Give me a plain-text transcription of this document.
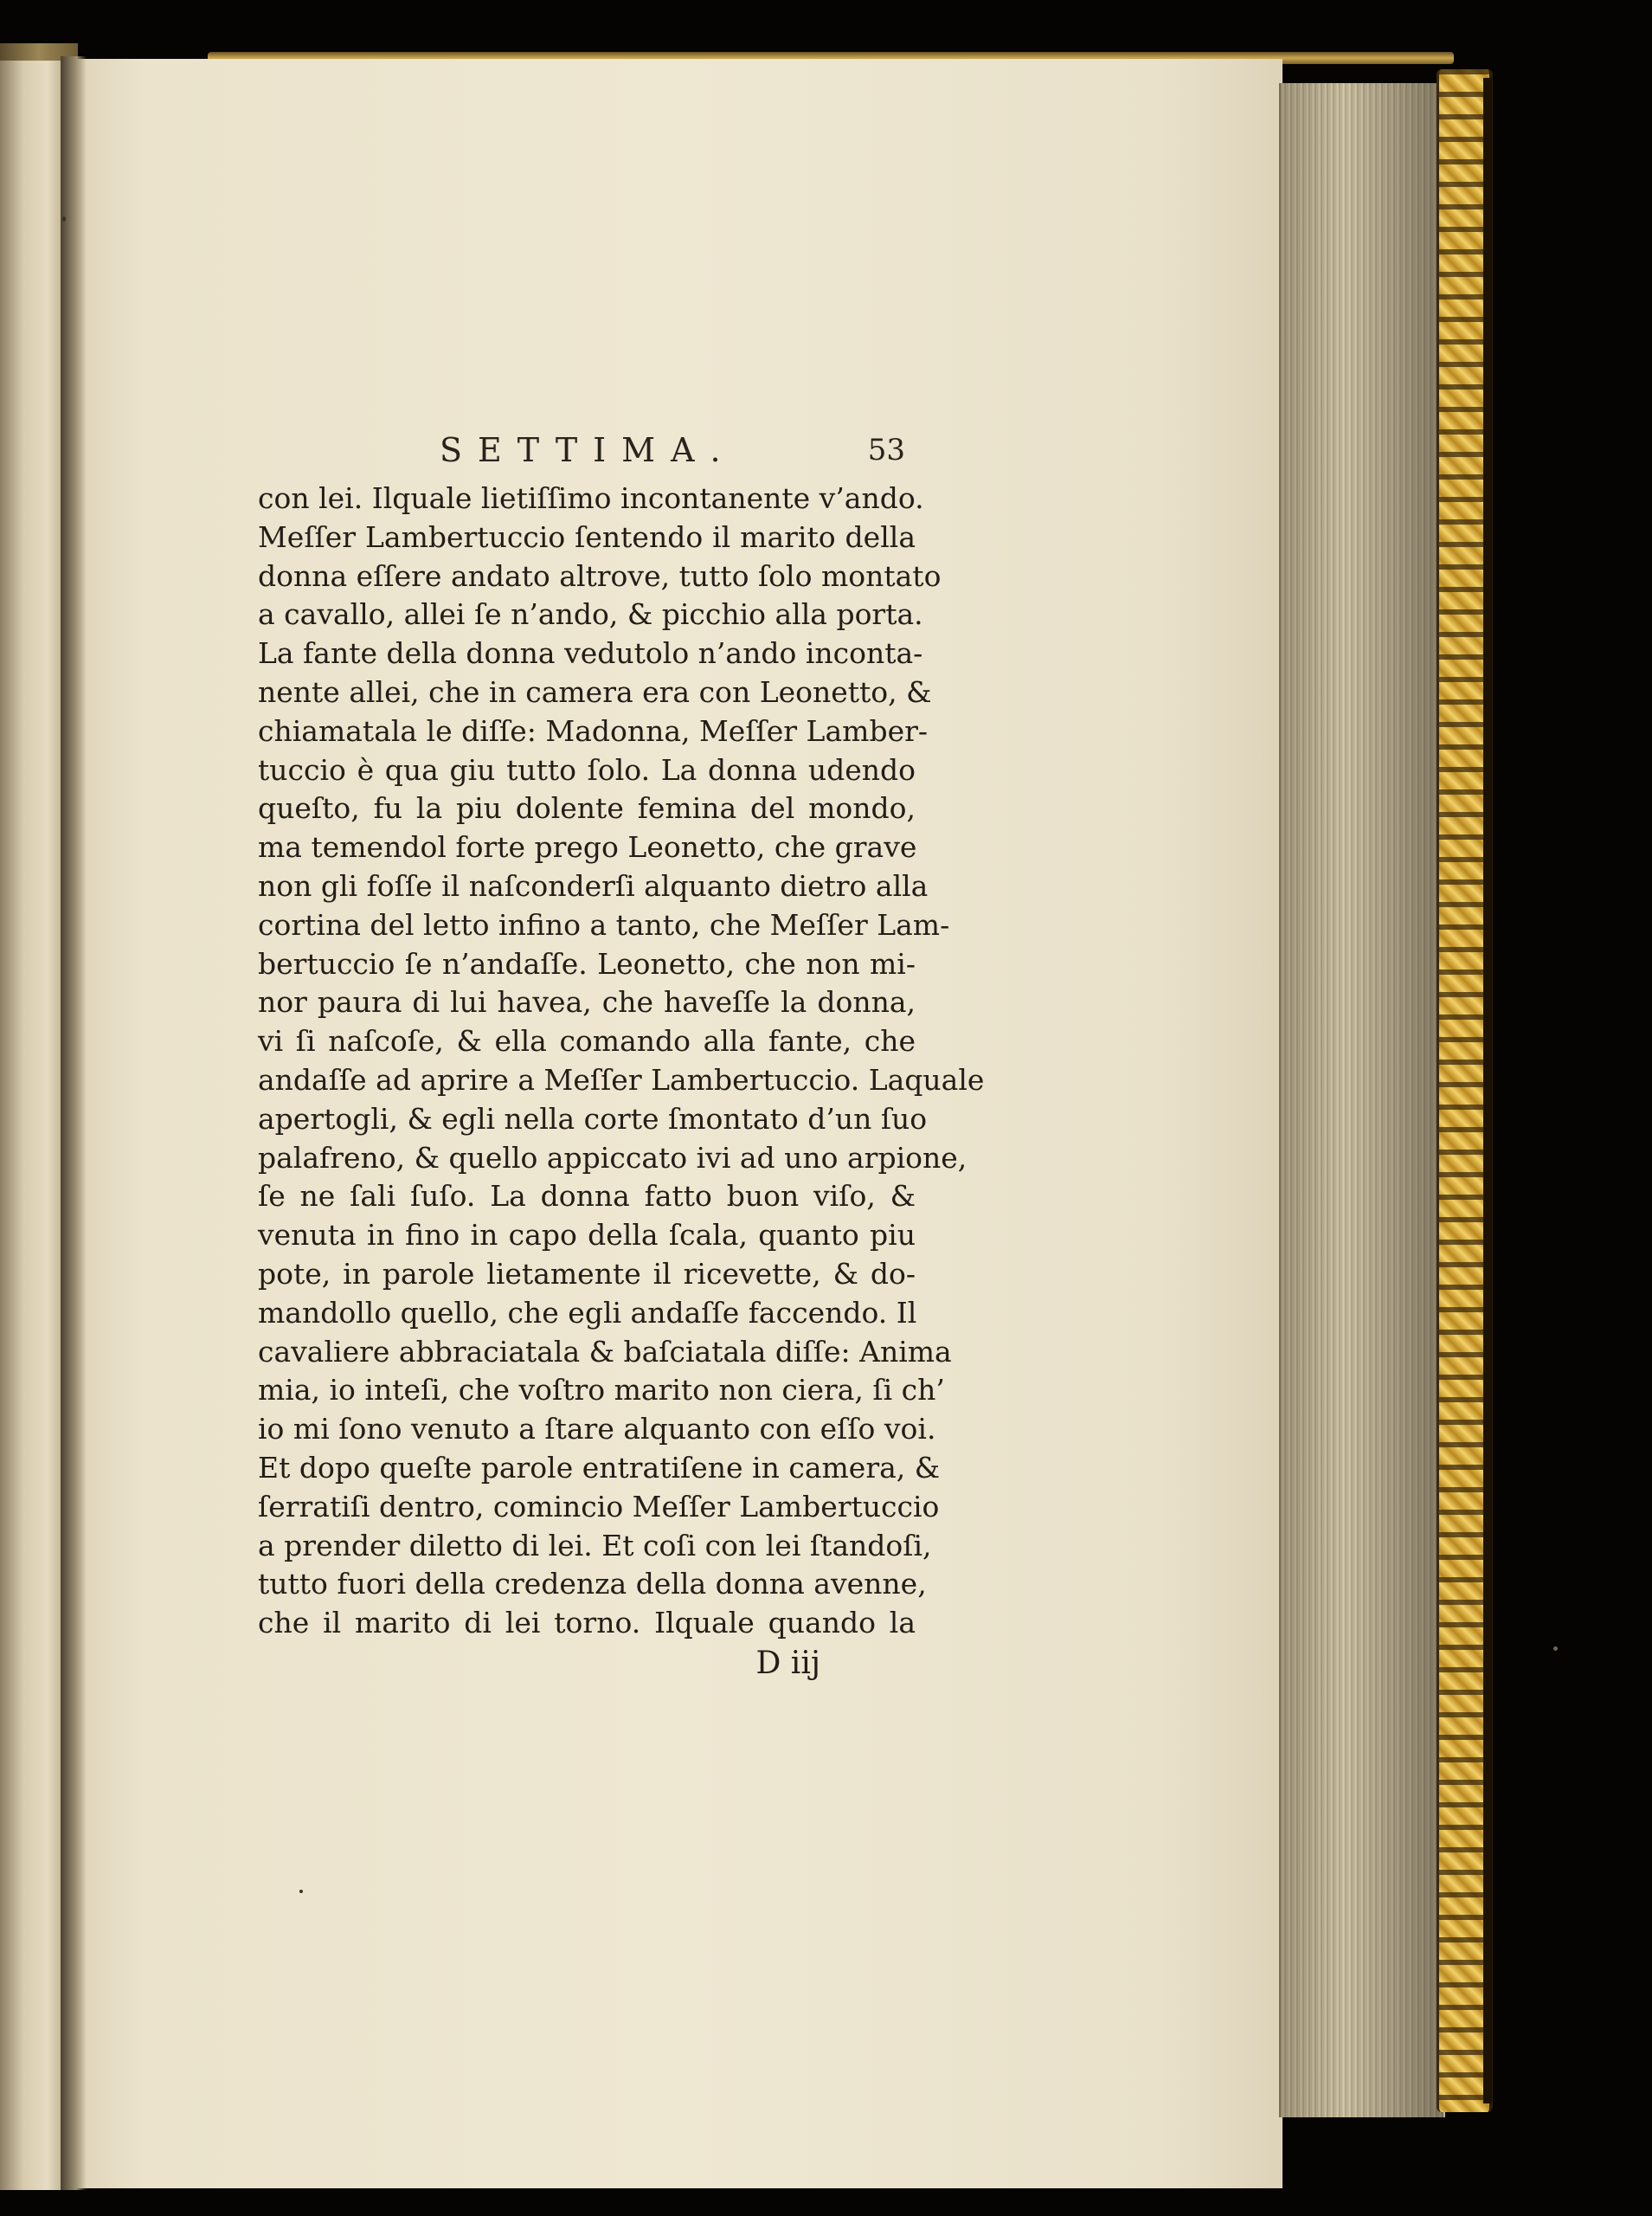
SETTIMA.	53
con lei. Ilquale lietiſſimo incontanente v’ando.
Meſſer Lambertuccio ſentendo il marito della
donna eſſere andato altrove, tutto ſolo montato
a cavallo, allei ſe n’ando, & picchio alla porta.
La fante della donna vedutolo n’ando inconta-
nente allei, che in camera era con Leonetto, &
chiamatala le diſſe: Madonna, Meſſer Lamber-
tuccio è qua giu tutto ſolo. La donna udendo
queſto, fu la piu dolente femina del mondo,
ma temendol forte prego Leonetto, che grave
non gli foſſe il naſconderſi alquanto dietro alla
cortina del letto infino a tanto, che Meſſer Lam-
bertuccio ſe n’andaſſe. Leonetto, che non mi-
nor paura di lui havea, che haveſſe la donna,
vi ſi naſcoſe, & ella comando alla fante, che
andaſſe ad aprire a Meſſer Lambertuccio. Laquale
apertogli, & egli nella corte ſmontato d’un ſuo
palafreno, & quello appiccato ivi ad uno arpione,
ſe ne ſali ſuſo. La donna fatto buon viſo, &
venuta in fino in capo della ſcala, quanto piu
pote, in parole lietamente il ricevette, & do-
mandollo quello, che egli andaſſe faccendo. Il
cavaliere abbraciatala & baſciatala diſſe: Anima
mia, io inteſi, che voſtro marito non ciera, ſi ch’
io mi ſono venuto a ſtare alquanto con eſſo voi.
Et dopo queſte parole entratiſene in camera, &
ſerratiſi dentro, comincio Meſſer Lambertuccio
a prender diletto di lei. Et coſi con lei ſtandoſi,
tutto fuori della credenza della donna avenne,
che il marito di lei torno. Ilquale quando la
D iij
